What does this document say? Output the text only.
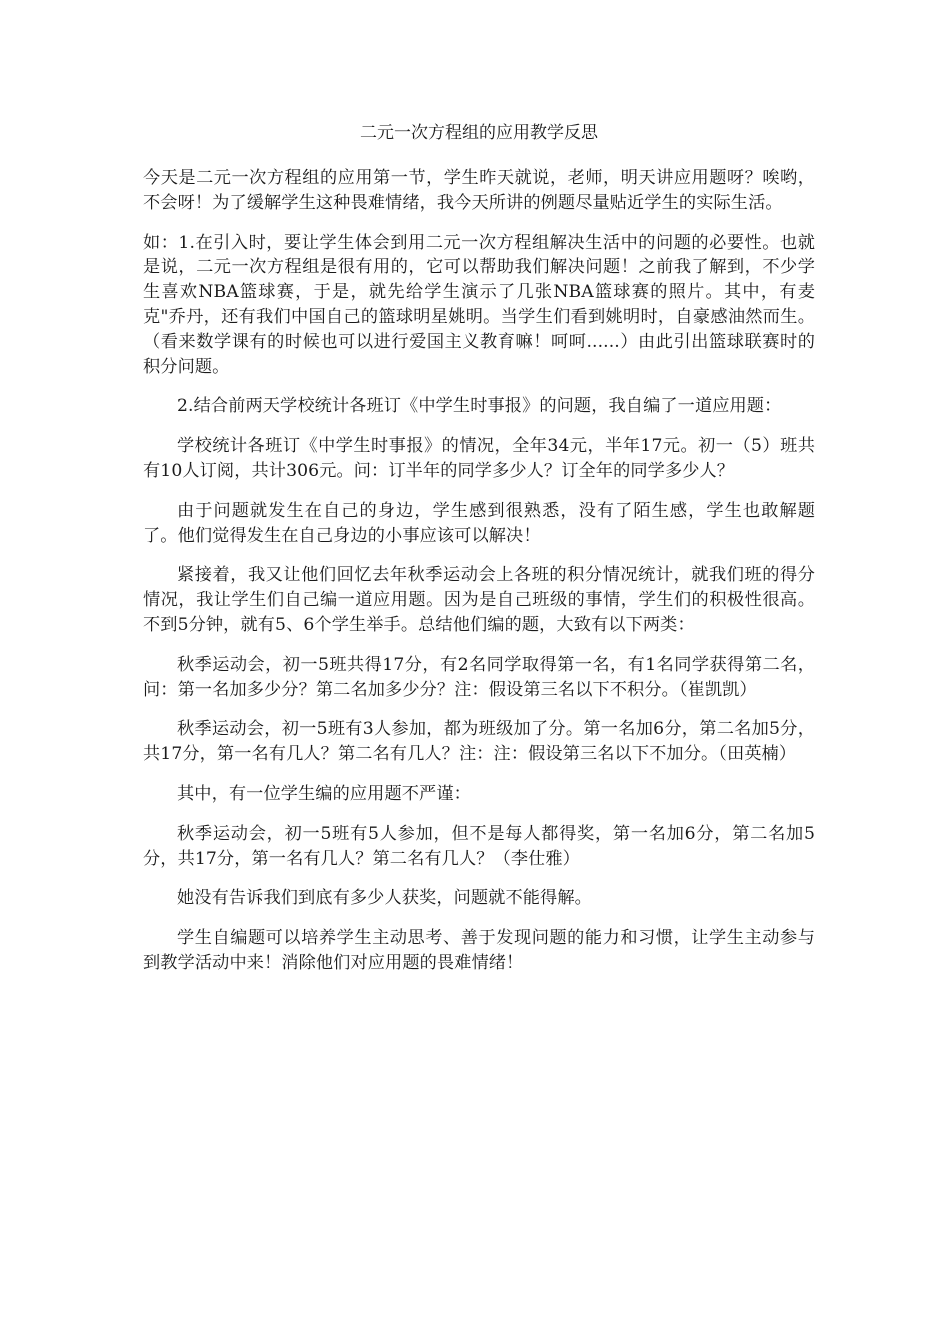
二元一次方程组的应用教学反思

今天是二元一次方程组的应用第一节，学生昨天就说，老师，明天讲应用题呀？唉哟，不会呀！为了缓解学生这种畏难情绪，我今天所讲的例题尽量贴近学生的实际生活。

如：1.在引入时，要让学生体会到用二元一次方程组解决生活中的问题的必要性。也就是说，二元一次方程组是很有用的，它可以帮助我们解决问题！之前我了解到，不少学生喜欢NBA篮球赛，于是，就先给学生演示了几张NBA篮球赛的照片。其中，有麦克"乔丹，还有我们中国自己的篮球明星姚明。当学生们看到姚明时，自豪感油然而生。（看来数学课有的时候也可以进行爱国主义教育嘛！呵呵......）由此引出篮球联赛时的积分问题。

2.结合前两天学校统计各班订《中学生时事报》的问题，我自编了一道应用题：

学校统计各班订《中学生时事报》的情况，全年34元，半年17元。初一（5）班共有10人订阅，共计306元。问：订半年的同学多少人？订全年的同学多少人？

由于问题就发生在自己的身边，学生感到很熟悉，没有了陌生感，学生也敢解题了。他们觉得发生在自己身边的小事应该可以解决！

紧接着，我又让他们回忆去年秋季运动会上各班的积分情况统计，就我们班的得分情况，我让学生们自己编一道应用题。因为是自己班级的事情，学生们的积极性很高。不到5分钟，就有5、6个学生举手。总结他们编的题，大致有以下两类：

秋季运动会，初一5班共得17分，有2名同学取得第一名，有1名同学获得第二名，问：第一名加多少分？第二名加多少分？注：假设第三名以下不积分。（崔凯凯）

秋季运动会，初一5班有3人参加，都为班级加了分。第一名加6分，第二名加5分，共17分，第一名有几人？第二名有几人？注：注：假设第三名以下不加分。（田英楠）

其中，有一位学生编的应用题不严谨：

秋季运动会，初一5班有5人参加，但不是每人都得奖，第一名加6分，第二名加5分，共17分，第一名有几人？第二名有几人？（李仕雅）

她没有告诉我们到底有多少人获奖，问题就不能得解。

学生自编题可以培养学生主动思考、善于发现问题的能力和习惯，让学生主动参与到教学活动中来！消除他们对应用题的畏难情绪！
